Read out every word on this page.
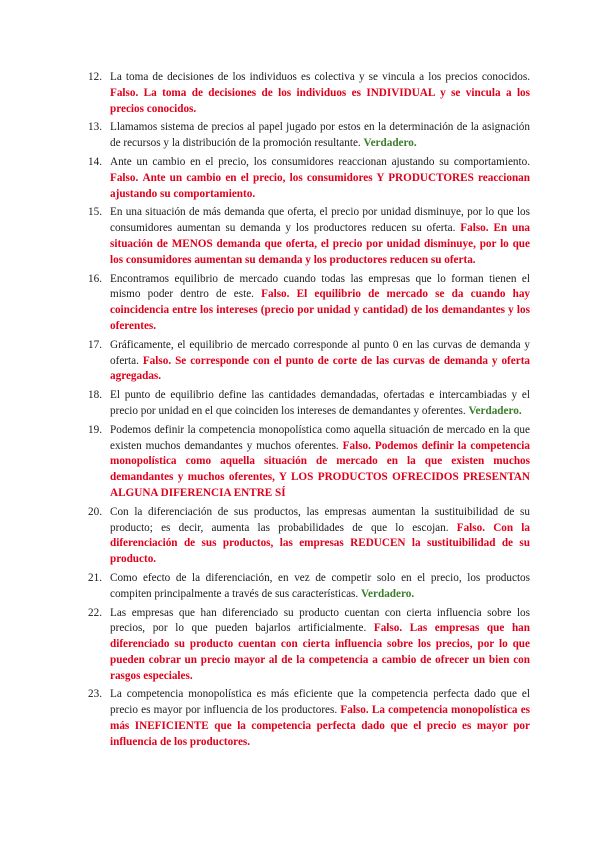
12. La toma de decisiones de los individuos es colectiva y se vincula a los precios conocidos. Falso. La toma de decisiones de los individuos es INDIVIDUAL y se vincula a los precios conocidos.
13. Llamamos sistema de precios al papel jugado por estos en la determinación de la asignación de recursos y la distribución de la promoción resultante. Verdadero.
14. Ante un cambio en el precio, los consumidores reaccionan ajustando su comportamiento. Falso. Ante un cambio en el precio, los consumidores Y PRODUCTORES reaccionan ajustando su comportamiento.
15. En una situación de más demanda que oferta, el precio por unidad disminuye, por lo que los consumidores aumentan su demanda y los productores reducen su oferta. Falso. En una situación de MENOS demanda que oferta, el precio por unidad disminuye, por lo que los consumidores aumentan su demanda y los productores reducen su oferta.
16. Encontramos equilibrio de mercado cuando todas las empresas que lo forman tienen el mismo poder dentro de este. Falso. El equilibrio de mercado se da cuando hay coincidencia entre los intereses (precio por unidad y cantidad) de los demandantes y los oferentes.
17. Gráficamente, el equilibrio de mercado corresponde al punto 0 en las curvas de demanda y oferta. Falso. Se corresponde con el punto de corte de las curvas de demanda y oferta agregadas.
18. El punto de equilibrio define las cantidades demandadas, ofertadas e intercambiadas y el precio por unidad en el que coinciden los intereses de demandantes y oferentes. Verdadero.
19. Podemos definir la competencia monopolística como aquella situación de mercado en la que existen muchos demandantes y muchos oferentes. Falso. Podemos definir la competencia monopolística como aquella situación de mercado en la que existen muchos demandantes y muchos oferentes, Y LOS PRODUCTOS OFRECIDOS PRESENTAN ALGUNA DIFERENCIA ENTRE SÍ
20. Con la diferenciación de sus productos, las empresas aumentan la sustituibilidad de su producto; es decir, aumenta las probabilidades de que lo escojan. Falso. Con la diferenciación de sus productos, las empresas REDUCEN la sustituibilidad de su producto.
21. Como efecto de la diferenciación, en vez de competir solo en el precio, los productos compiten principalmente a través de sus características. Verdadero.
22. Las empresas que han diferenciado su producto cuentan con cierta influencia sobre los precios, por lo que pueden bajarlos artificialmente. Falso. Las empresas que han diferenciado su producto cuentan con cierta influencia sobre los precios, por lo que pueden cobrar un precio mayor al de la competencia a cambio de ofrecer un bien con rasgos especiales.
23. La competencia monopolística es más eficiente que la competencia perfecta dado que el precio es mayor por influencia de los productores. Falso. La competencia monopolística es más INEFICIENTE que la competencia perfecta dado que el precio es mayor por influencia de los productores.
